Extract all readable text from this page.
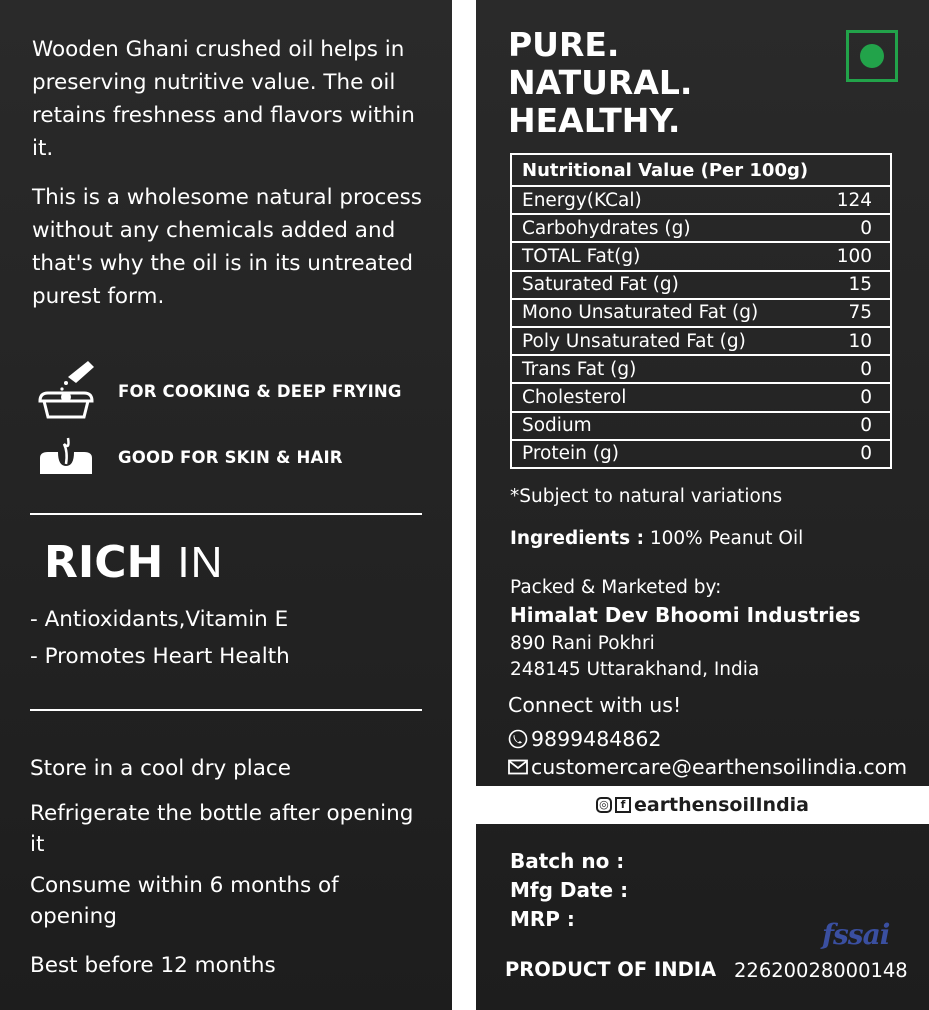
Wooden Ghani crushed oil helps in preserving nutritive value. The oil retains freshness and flavors within it.

This is a wholesome natural process without any chemicals added and that's why the oil is in its untreated purest form.

FOR COOKING & DEEP FRYING
GOOD FOR SKIN & HAIR
RICH IN
- Antioxidants,Vitamin E
- Promotes Heart Health
Store in a cool dry place
Refrigerate the bottle after opening it
Consume within 6 months of opening
Best before 12 months
PURE.
NATURAL.
HEALTHY.
Nutritional Value (Per 100g)	
Energy(KCal)	124
Carbohydrates (g)	0
TOTAL Fat(g)	100
Saturated Fat (g)	15
Mono Unsaturated Fat (g)	75
Poly Unsaturated Fat (g)	10
Trans Fat (g)	0
Cholesterol	0
Sodium	0
Protein (g)	0
*Subject to natural variations
Ingredients : 100% Peanut Oil
Packed & Marketed by:
Himalat Dev Bhoomi Industries
890 Rani Pokhri
248145 Uttarakhand, India
Connect with us!
9899484862
customercare@earthensoilindia.com
◎	f earthensoilIndia
Batch no :
Mfg Date :
MRP :	fssai
PRODUCT OF INDIA 22620028000148
